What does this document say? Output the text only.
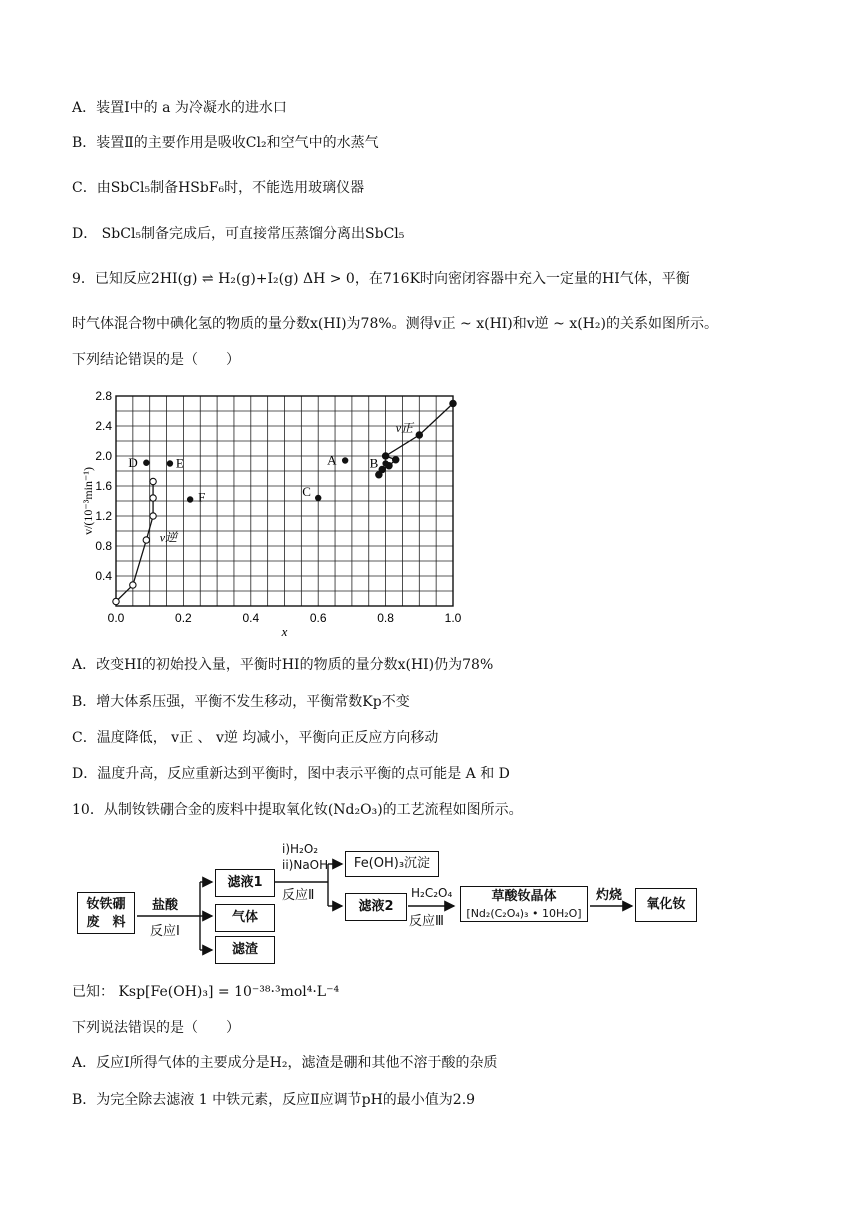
A．装置Ⅰ中的 a 为冷凝水的进水口
B．装置Ⅱ的主要作用是吸收Cl₂和空气中的水蒸气
C．由SbCl₅制备HSbF₆时，不能选用玻璃仪器
D． SbCl₅制备完成后，可直接常压蒸馏分离出SbCl₅
9．已知反应2HI(g) ⇌ H₂(g)+I₂(g) ΔH > 0，在716K时向密闭容器中充入一定量的HI气体，平衡
时气体混合物中碘化氢的物质的量分数x(HI)为78%。测得v正 ~ x(HI)和v逆 ~ x(H₂)的关系如图所示。
下列结论错误的是（　　）
0.0	0.2	0.4	0.6	0.8	1.0
0.4
0.8
1.2
1.6
2.0
2.4
2.8
x
v/(10⁻³min⁻¹)
v正
v逆
A	B
C
D	E
F
A．改变HI的初始投入量，平衡时HI的物质的量分数x(HI)仍为78%
B．增大体系压强，平衡不发生移动，平衡常数Kp不变
C．温度降低， v正 、 v逆 均减小，平衡向正反应方向移动
D．温度升高，反应重新达到平衡时，图中表示平衡的点可能是 A 和 D
10．从制钕铁硼合金的废料中提取氧化钕(Nd₂O₃)的工艺流程如图所示。
钕铁硼
废　料
盐酸
反应Ⅰ
滤液1
气体
滤渣
i)H₂O₂
ii)NaOH
反应Ⅱ
Fe(OH)₃沉淀
滤液2
H₂C₂O₄
反应Ⅲ
草酸钕晶体
[Nd₂(C₂O₄)₃ • 10H₂O]
灼烧
氧化钕
已知： Ksp[Fe(OH)₃] = 10⁻³⁸·³mol⁴·L⁻⁴
下列说法错误的是（　　）
A．反应Ⅰ所得气体的主要成分是H₂，滤渣是硼和其他不溶于酸的杂质
B．为完全除去滤液 1 中铁元素，反应Ⅱ应调节pH的最小值为2.9
